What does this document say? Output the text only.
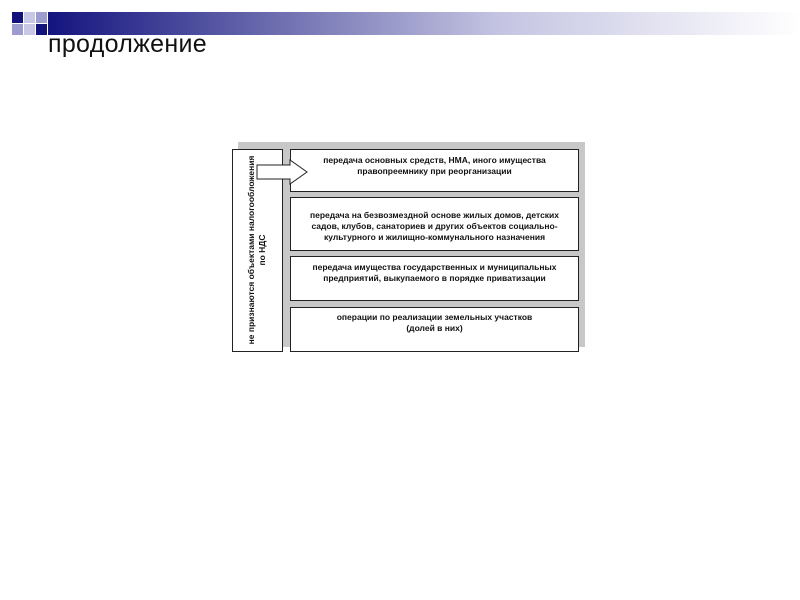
продолжение
не признаются объектами налогообложения по НДС
передача основных средств, НМА, иного имущества правопреемнику при реорганизации
передача на безвозмездной основе жилых домов, детских садов, клубов, санаториев и других объектов социально-культурного и жилищно-коммунального назначения
передача имущества государственных и муниципальных предприятий, выкупаемого в порядке приватизации
операции по реализации земельных участков (долей в них)
